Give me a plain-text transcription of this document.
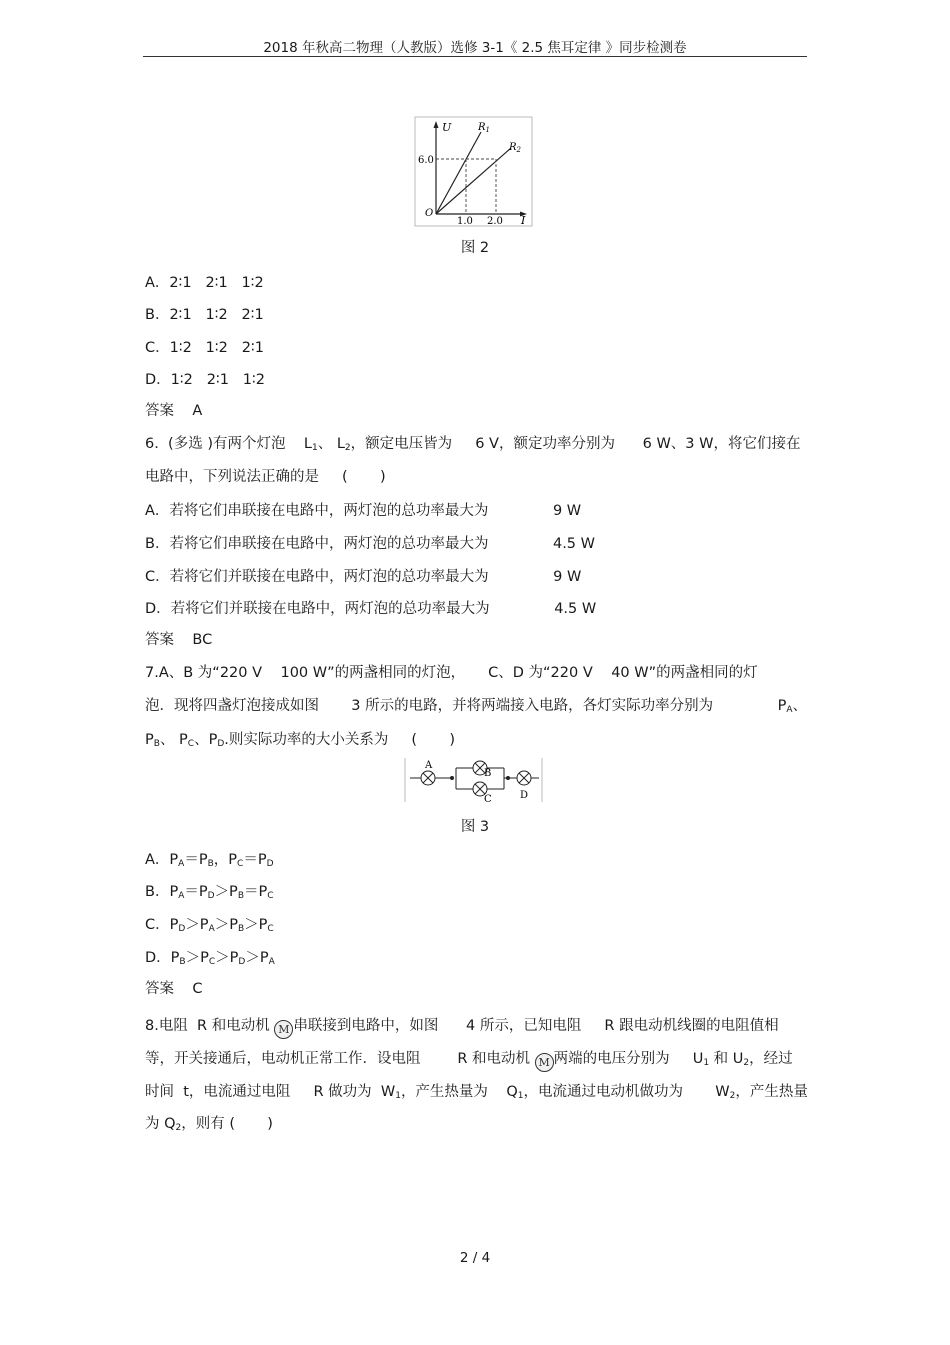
2018 年秋高二物理（人教版）选修 3-1《 2.5 焦耳定律 》同步检测卷
U	$R_1$
$R_2$
6.0
O
1.0 2.0 I
图 2
A．2∶1   2∶1   1∶2
B．2∶1   1∶2   2∶1
C．1∶2   1∶2   2∶1
D．1∶2   2∶1   1∶2
答案    A
6.  (多选 )有两个灯泡    $L_1$、 $L_2$，额定电压皆为     6 V，额定功率分别为      6 W、3 W，将它们接在
电路中，下列说法正确的是     (       )
A．若将它们串联接在电路中，两灯泡的总功率最大为              9 W
B．若将它们串联接在电路中，两灯泡的总功率最大为              4.5 W
C．若将它们并联接在电路中，两灯泡的总功率最大为              9 W
D．若将它们并联接在电路中，两灯泡的总功率最大为              4.5 W
答案    BC
7.A、B 为“220 V    100 W”的两盏相同的灯泡，     C、D 为“220 V    40 W”的两盏相同的灯
泡．现将四盏灯泡接成如图       3 所示的电路，并将两端接入电路，各灯实际功率分别为              $P_A$、
$P_B$、 $P_C$、$P_D$.则实际功率的大小关系为     (       )
A
B
C	D
图 3
A．$P_A=P_B$，$P_C=P_D$
B．$P_A=P_D>P_B=P_C$
C．$P_D>P_A>P_B>P_C$
D．$P_B>P_C>P_D>P_A$
答案    C
8.电阻  R 和电动机 M 串联接到电路中，如图      4 所示，已知电阻     R 跟电动机线圈的电阻值相
等，开关接通后，电动机正常工作．设电阻        R 和电动机 M 两端的电压分别为     $U_1$ 和 $U_2$，经过
时间  t，电流通过电阻     R 做功为  $W_1$，产生热量为    $Q_1$，电流通过电动机做功为       $W_2$，产生热量
为 $Q_2$，则有 (       )
2 / 4
